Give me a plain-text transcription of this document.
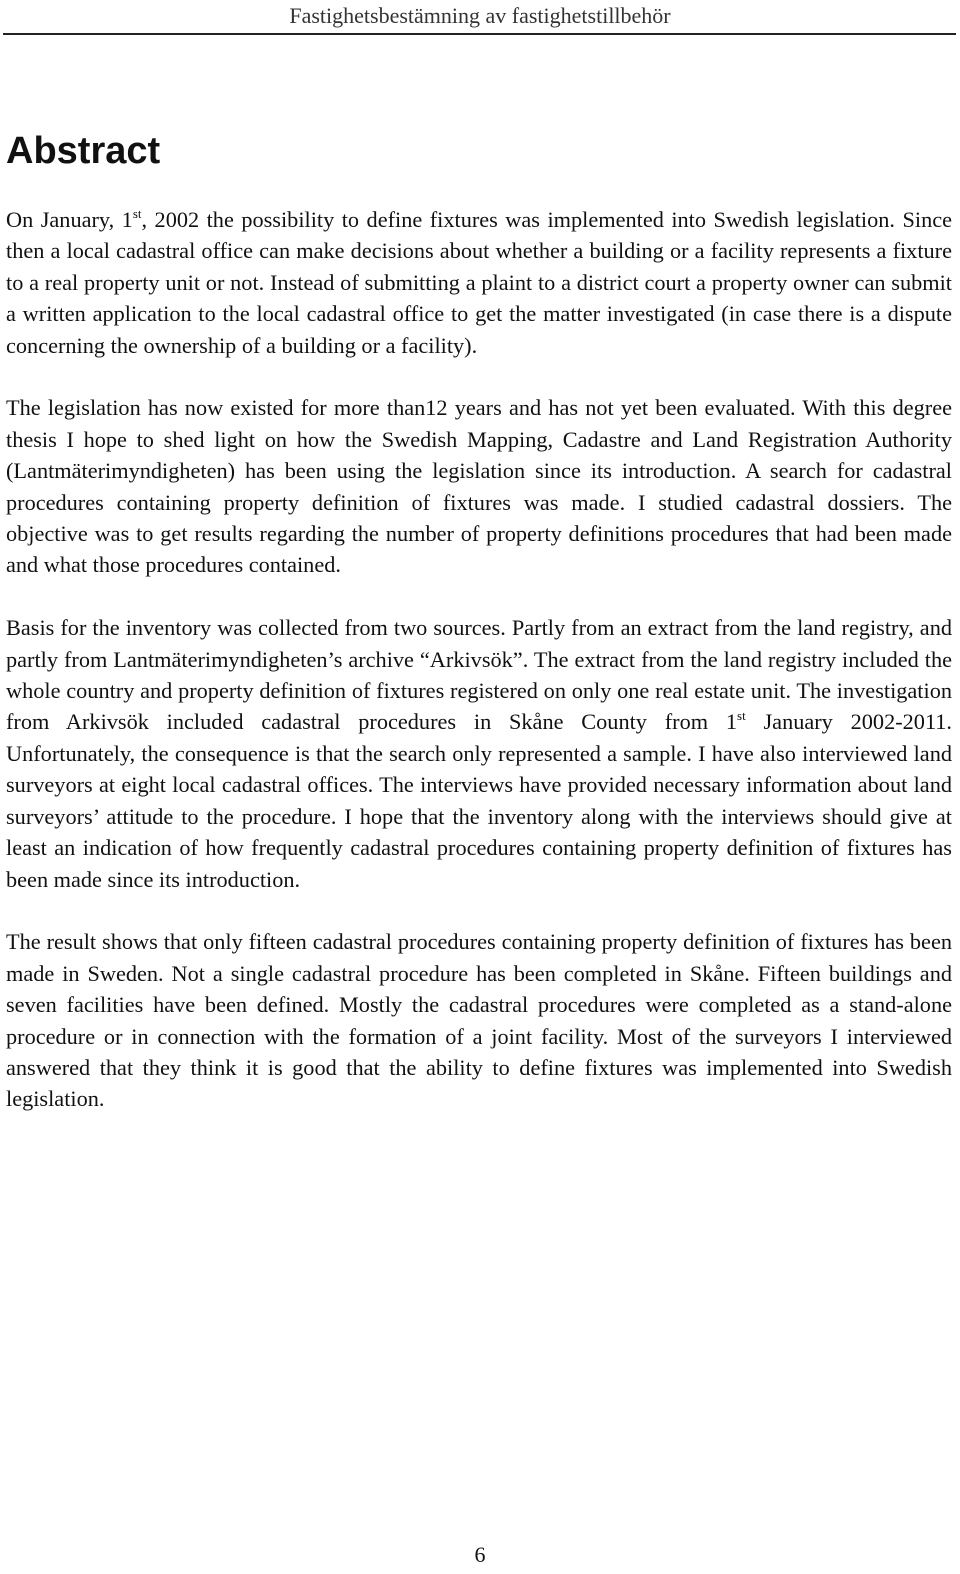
Fastighetsbestämning av fastighetstillbehör
Abstract

On January, 1st, 2002 the possibility to define fixtures was implemented into Swedish legislation. Since then a local cadastral office can make decisions about whether a building or a facility represents a fixture to a real property unit or not. Instead of submitting a plaint to a district court a property owner can submit a written application to the local cadastral office to get the matter investigated (in case there is a dispute concerning the ownership of a building or a facility).

The legislation has now existed for more than12 years and has not yet been evaluated. With this degree thesis I hope to shed light on how the Swedish Mapping, Cadastre and Land Registration Authority (Lantmäterimyndigheten) has been using the legislation since its introduction. A search for cadastral procedures containing property definition of fixtures was made. I studied cadastral dossiers. The objective was to get results regarding the number of property definitions procedures that had been made and what those procedures contained.

Basis for the inventory was collected from two sources. Partly from an extract from the land registry, and partly from Lantmäterimyndigheten’s archive “Arkivsök”. The extract from the land registry included the whole country and property definition of fixtures registered on only one real estate unit. The investigation from Arkivsök included cadastral procedures in Skåne County from 1st January 2002-2011. Unfortunately, the consequence is that the search only represented a sample. I have also interviewed land surveyors at eight local cadastral offices. The interviews have provided necessary information about land surveyors’ attitude to the procedure. I hope that the inventory along with the interviews should give at least an indication of how frequently cadastral procedures containing property definition of fixtures has been made since its introduction.

The result shows that only fifteen cadastral procedures containing property definition of fixtures has been made in Sweden. Not a single cadastral procedure has been completed in Skåne. Fifteen buildings and seven facilities have been defined. Mostly the cadastral procedures were completed as a stand-alone procedure or in connection with the formation of a joint facility. Most of the surveyors I interviewed answered that they think it is good that the ability to define fixtures was implemented into Swedish legislation.

6
